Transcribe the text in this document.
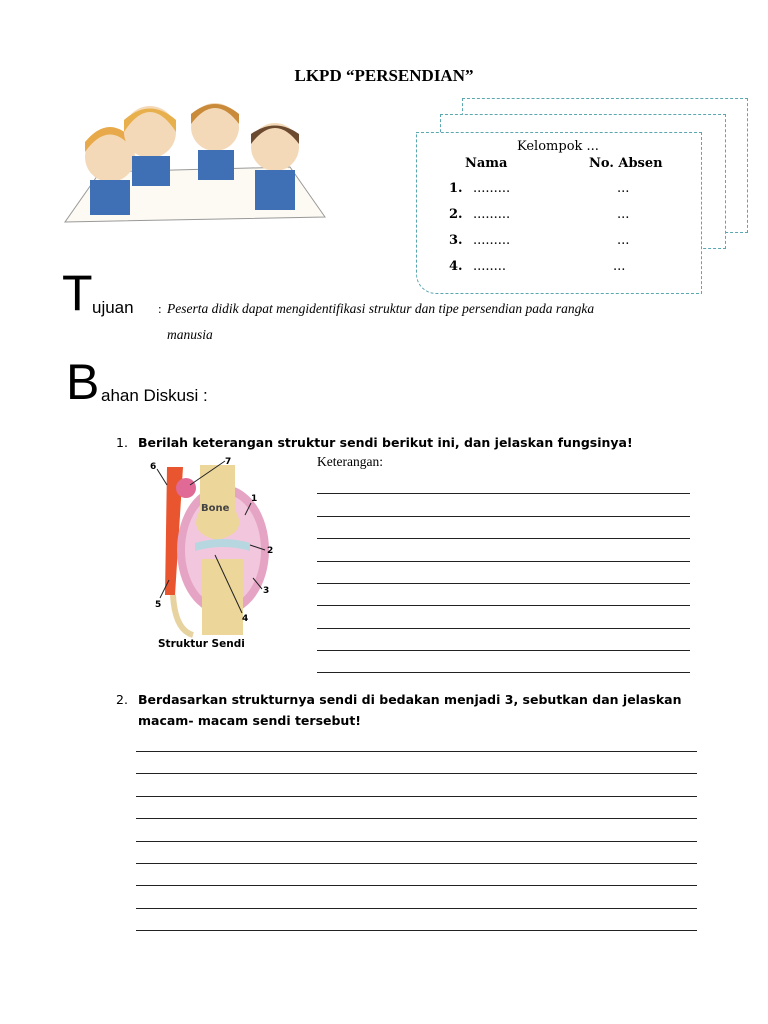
LKPD “PERSENDIAN”
Kelompok ...
Nama	No. Absen
1. .........	...
2. .........	...
3. .........	...
4. ........	...
T ujuan : Peserta didik dapat mengidentifikasi struktur dan tipe persendian pada rangka
manusia
B ahan Diskusi :
1. Berilah keterangan struktur sendi berikut ini, dan jelaskan fungsinya!
Keterangan:
Bone
1
2
3
4
5
6	7
Struktur Sendi
2. Berdasarkan strukturnya sendi di bedakan menjadi 3, sebutkan dan jelaskan
macam- macam sendi tersebut!
